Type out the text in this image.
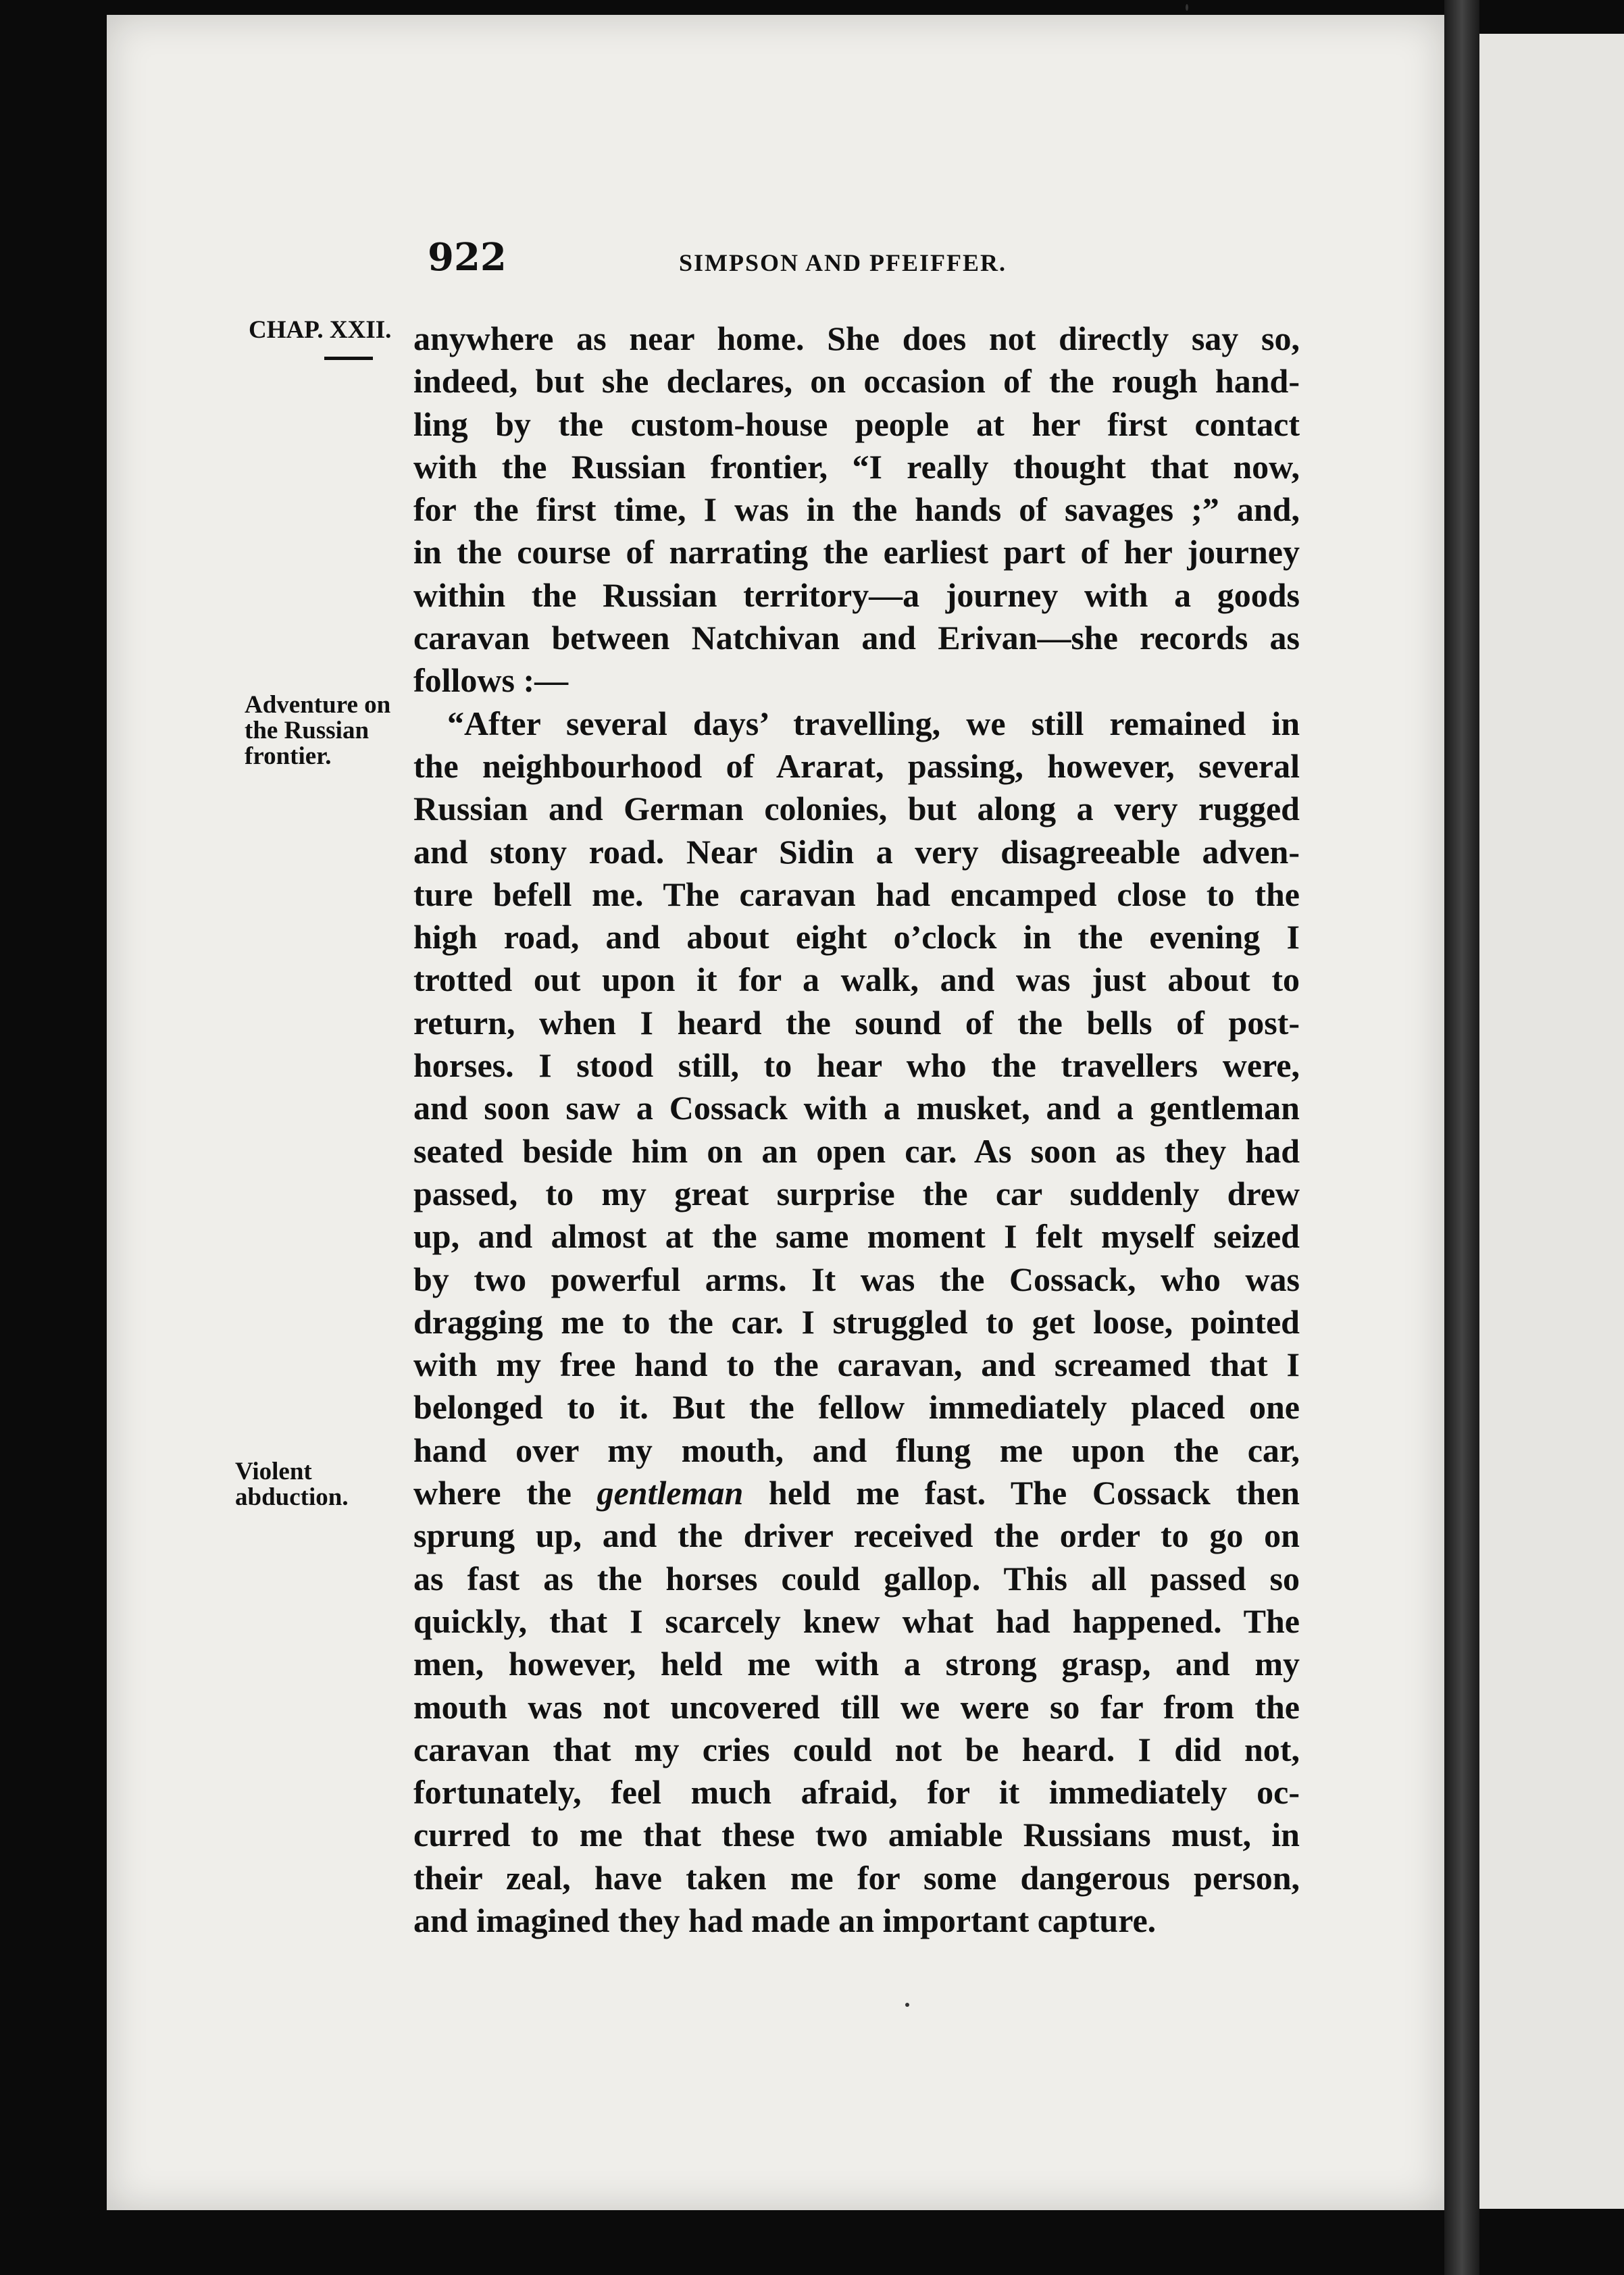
922	SIMPSON AND PFEIFFER.
CHAP. XXII.
Adventure on
the Russian
frontier.
Violent
abduction.
anywhere as near home. She does not directly say so,
indeed, but she declares, on occasion of the rough hand-
ling by the custom-house people at her first contact
with the Russian frontier, “I really thought that now,
for the first time, I was in the hands of savages ;” and,
in the course of narrating the earliest part of her journey
within the Russian territory—a journey with a goods
caravan between Natchivan and Erivan—she records as
follows :—
“After several days’ travelling, we still remained in
the neighbourhood of Ararat, passing, however, several
Russian and German colonies, but along a very rugged
and stony road. Near Sidin a very disagreeable adven-
ture befell me. The caravan had encamped close to the
high road, and about eight o’clock in the evening I
trotted out upon it for a walk, and was just about to
return, when I heard the sound of the bells of post-
horses. I stood still, to hear who the travellers were,
and soon saw a Cossack with a musket, and a gentleman
seated beside him on an open car. As soon as they had
passed, to my great surprise the car suddenly drew
up, and almost at the same moment I felt myself seized
by two powerful arms. It was the Cossack, who was
dragging me to the car. I struggled to get loose, pointed
with my free hand to the caravan, and screamed that I
belonged to it. But the fellow immediately placed one
hand over my mouth, and flung me upon the car,
where the gentleman held me fast. The Cossack then
sprung up, and the driver received the order to go on
as fast as the horses could gallop. This all passed so
quickly, that I scarcely knew what had happened. The
men, however, held me with a strong grasp, and my
mouth was not uncovered till we were so far from the
caravan that my cries could not be heard. I did not,
fortunately, feel much afraid, for it immediately oc-
curred to me that these two amiable Russians must, in
their zeal, have taken me for some dangerous person,
and imagined they had made an important capture.
